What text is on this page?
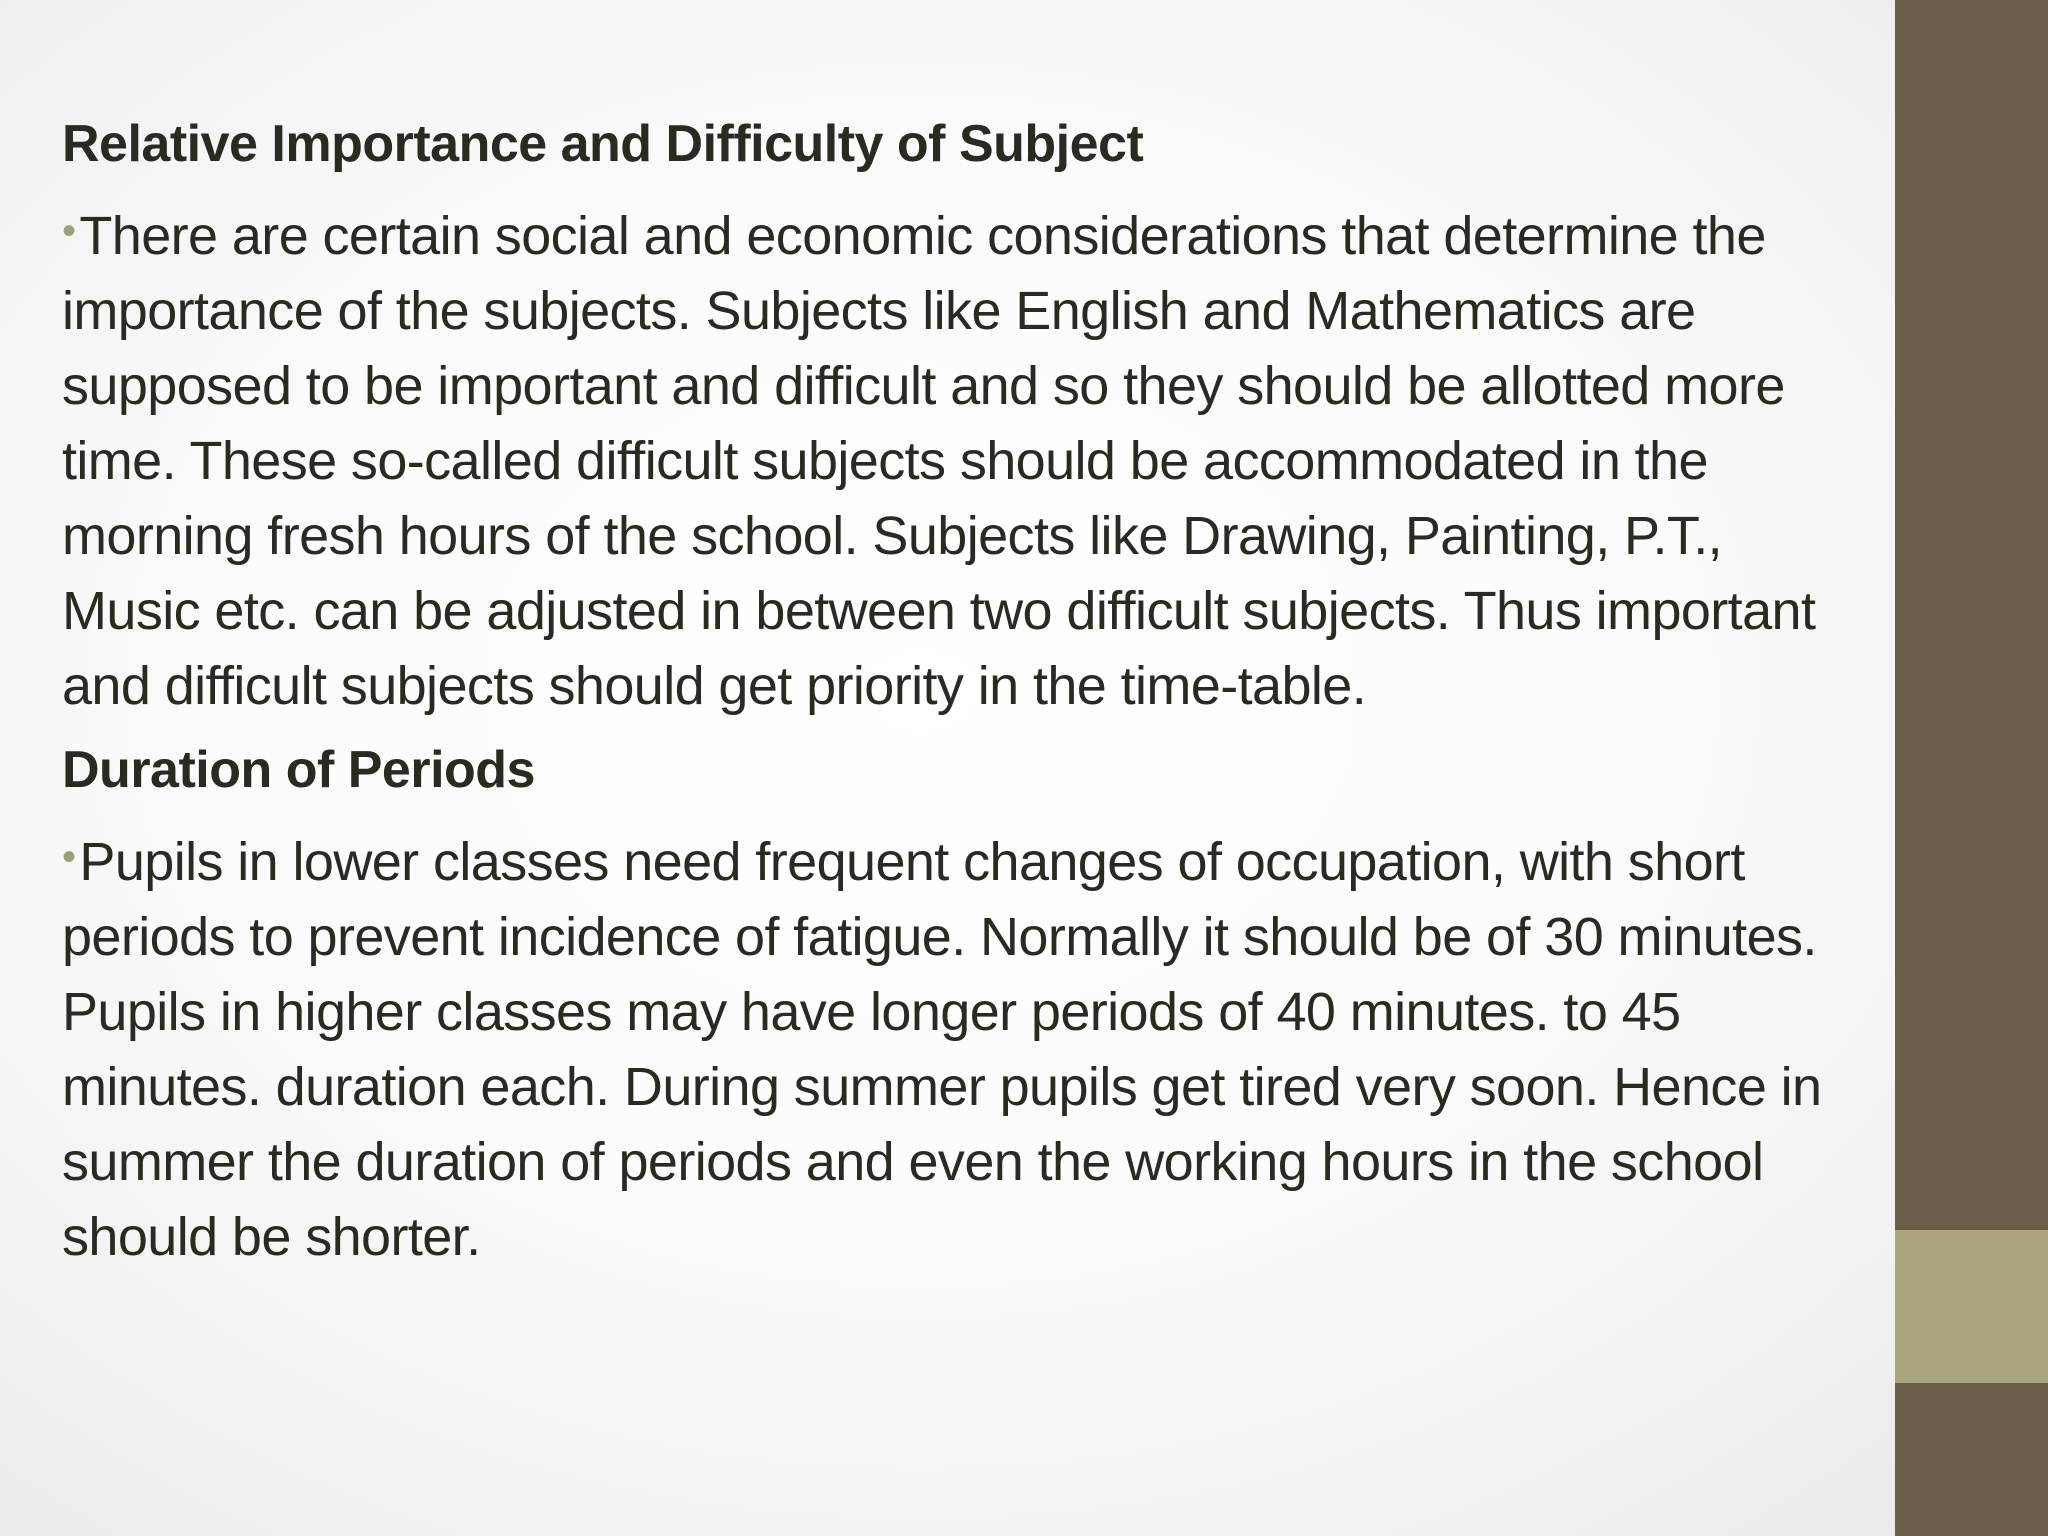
Relative Importance and Difficulty of Subject
•There are certain social and economic considerations that determine the importance of the subjects. Subjects like English and Mathematics are supposed to be important and difficult and so they should be allotted more time. These so-called difficult subjects should be accommodated in the morning fresh hours of the school. Subjects like Drawing, Painting, P.T., Music etc. can be adjusted in between two difficult subjects. Thus important and difficult subjects should get priority in the time-table.
Duration of Periods
•Pupils in lower classes need frequent changes of occupation, with short periods to prevent incidence of fatigue. Normally it should be of 30 minutes. Pupils in higher classes may have longer periods of 40 minutes. to 45 minutes. duration each. During summer pupils get tired very soon. Hence in summer the duration of periods and even the working hours in the school should be shorter.
